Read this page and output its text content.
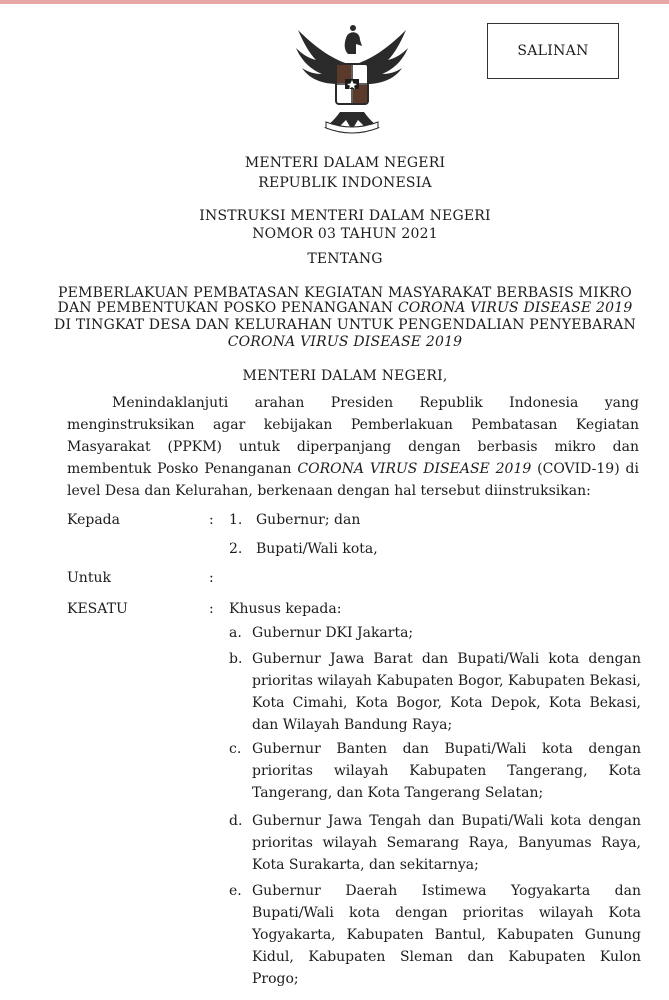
SALINAN
MENTERI DALAM NEGERI
REPUBLIK INDONESIA
INSTRUKSI MENTERI DALAM NEGERI
NOMOR 03 TAHUN 2021
TENTANG
PEMBERLAKUAN PEMBATASAN KEGIATAN MASYARAKAT BERBASIS MIKRO
DAN PEMBENTUKAN POSKO PENANGANAN CORONA VIRUS DISEASE 2019
DI TINGKAT DESA DAN KELURAHAN UNTUK PENGENDALIAN PENYEBARAN
CORONA VIRUS DISEASE 2019
MENTERI DALAM NEGERI,
Menindaklanjuti arahan Presiden Republik Indonesia yang menginstruksikan agar kebijakan Pemberlakuan Pembatasan Kegiatan Masyarakat (PPKM) untuk diperpanjang dengan berbasis mikro dan membentuk Posko Penanganan CORONA VIRUS DISEASE 2019 (COVID-19) di level Desa dan Kelurahan, berkenaan dengan hal tersebut diinstruksikan:
Kepada	: 1. Gubernur; dan
2. Bupati/Wali kota,
Untuk	:
KESATU	: Khusus kepada:
a. Gubernur DKI Jakarta;
b. Gubernur Jawa Barat dan Bupati/Wali kota dengan prioritas wilayah Kabupaten Bogor, Kabupaten Bekasi, Kota Cimahi, Kota Bogor, Kota Depok, Kota Bekasi, dan Wilayah Bandung Raya;
c. Gubernur Banten dan Bupati/Wali kota dengan prioritas wilayah Kabupaten Tangerang, Kota Tangerang, dan Kota Tangerang Selatan;
d. Gubernur Jawa Tengah dan Bupati/Wali kota dengan prioritas wilayah Semarang Raya, Banyumas Raya, Kota Surakarta, dan sekitarnya;
e. Gubernur Daerah Istimewa Yogyakarta dan Bupati/Wali kota dengan prioritas wilayah Kota Yogyakarta, Kabupaten Bantul, Kabupaten Gunung Kidul, Kabupaten Sleman dan Kabupaten Kulon Progo;
